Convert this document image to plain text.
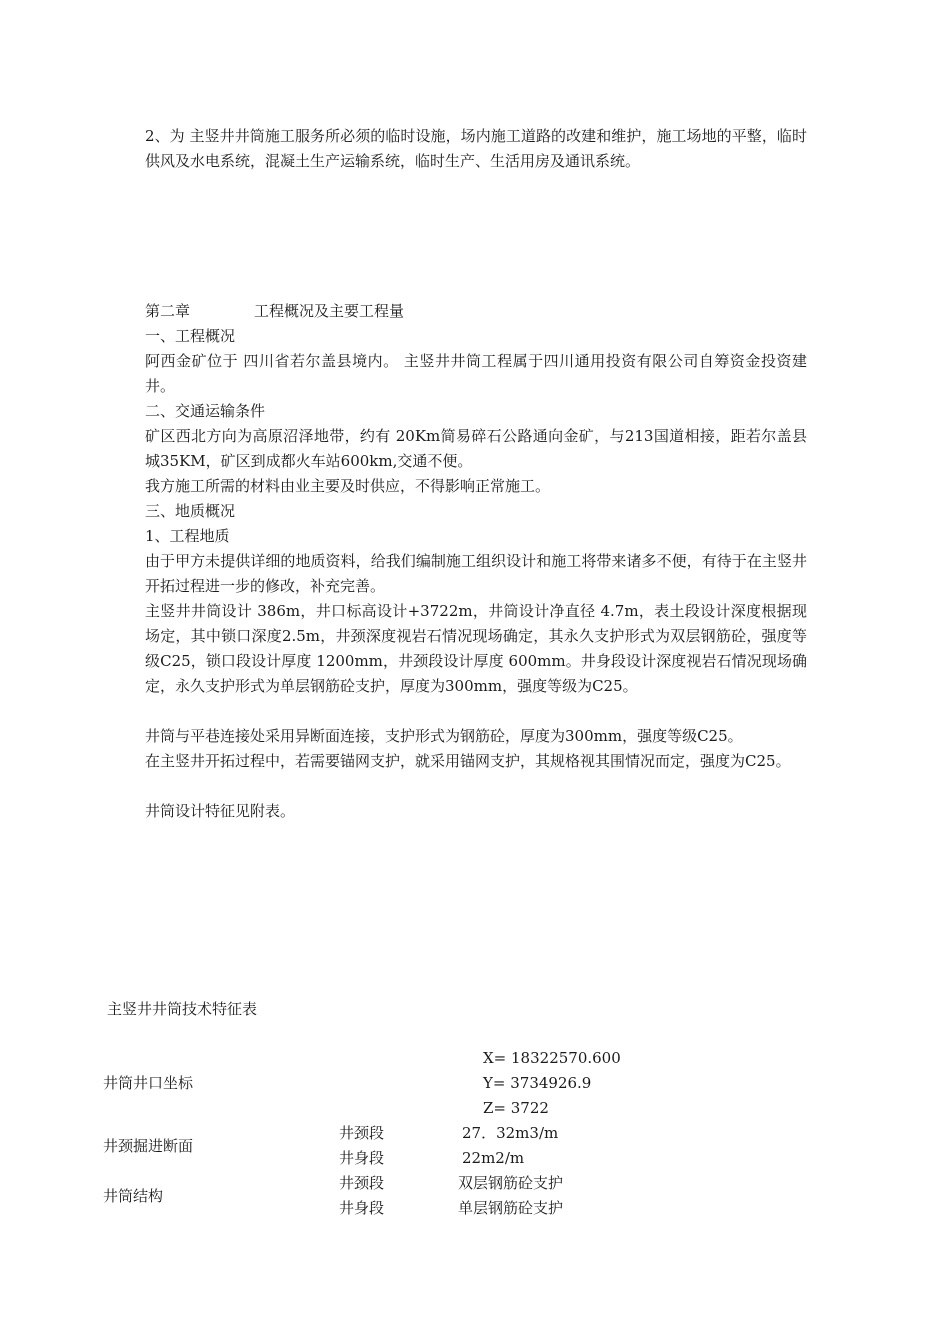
2、为 主竖井井筒施工服务所必须的临时设施，场内施工道路的改建和维护，施工场地的平整，临时供风及水电系统，混凝土生产运输系统，临时生产、生活用房及通讯系统。

第二章	工程概况及主要工程量

一、工程概况

阿西金矿位于 四川省若尔盖县境内。 主竖井井筒工程属于四川通用投资有限公司自筹资金投资建井。

二、交通运输条件

矿区西北方向为高原沼泽地带，约有 20Km简易碎石公路通向金矿，与213国道相接，距若尔盖县城35KM，矿区到成都火车站600km,交通不便。

我方施工所需的材料由业主要及时供应，不得影响正常施工。

三、地质概况

1、工程地质

由于甲方未提供详细的地质资料，给我们编制施工组织设计和施工将带来诸多不便，有待于在主竖井开拓过程进一步的修改，补充完善。

主竖井井筒设计 386m，井口标高设计+3722m，井筒设计净直径 4.7m，表土段设计深度根据现场定，其中锁口深度2.5m，井颈深度视岩石情况现场确定，其永久支护形式为双层钢筋砼，强度等级C25，锁口段设计厚度 1200mm，井颈段设计厚度 600mm。井身段设计深度视岩石情况现场确定，永久支护形式为单层钢筋砼支护，厚度为300mm，强度等级为C25。

井筒与平巷连接处采用异断面连接，支护形式为钢筋砼，厚度为300mm，强度等级C25。

在主竖井开拓过程中，若需要锚网支护，就采用锚网支护，其规格视其围情况而定，强度为C25。

井筒设计特征见附表。

主竖井井筒技术特征表
井筒井口坐标
X= 18322570.600
Y= 3734926.9
Z= 3722
井颈掘进断面
井颈段	27．32m3/m
井身段	22m2/m
井筒结构
井颈段	双层钢筋砼支护
井身段	单层钢筋砼支护
